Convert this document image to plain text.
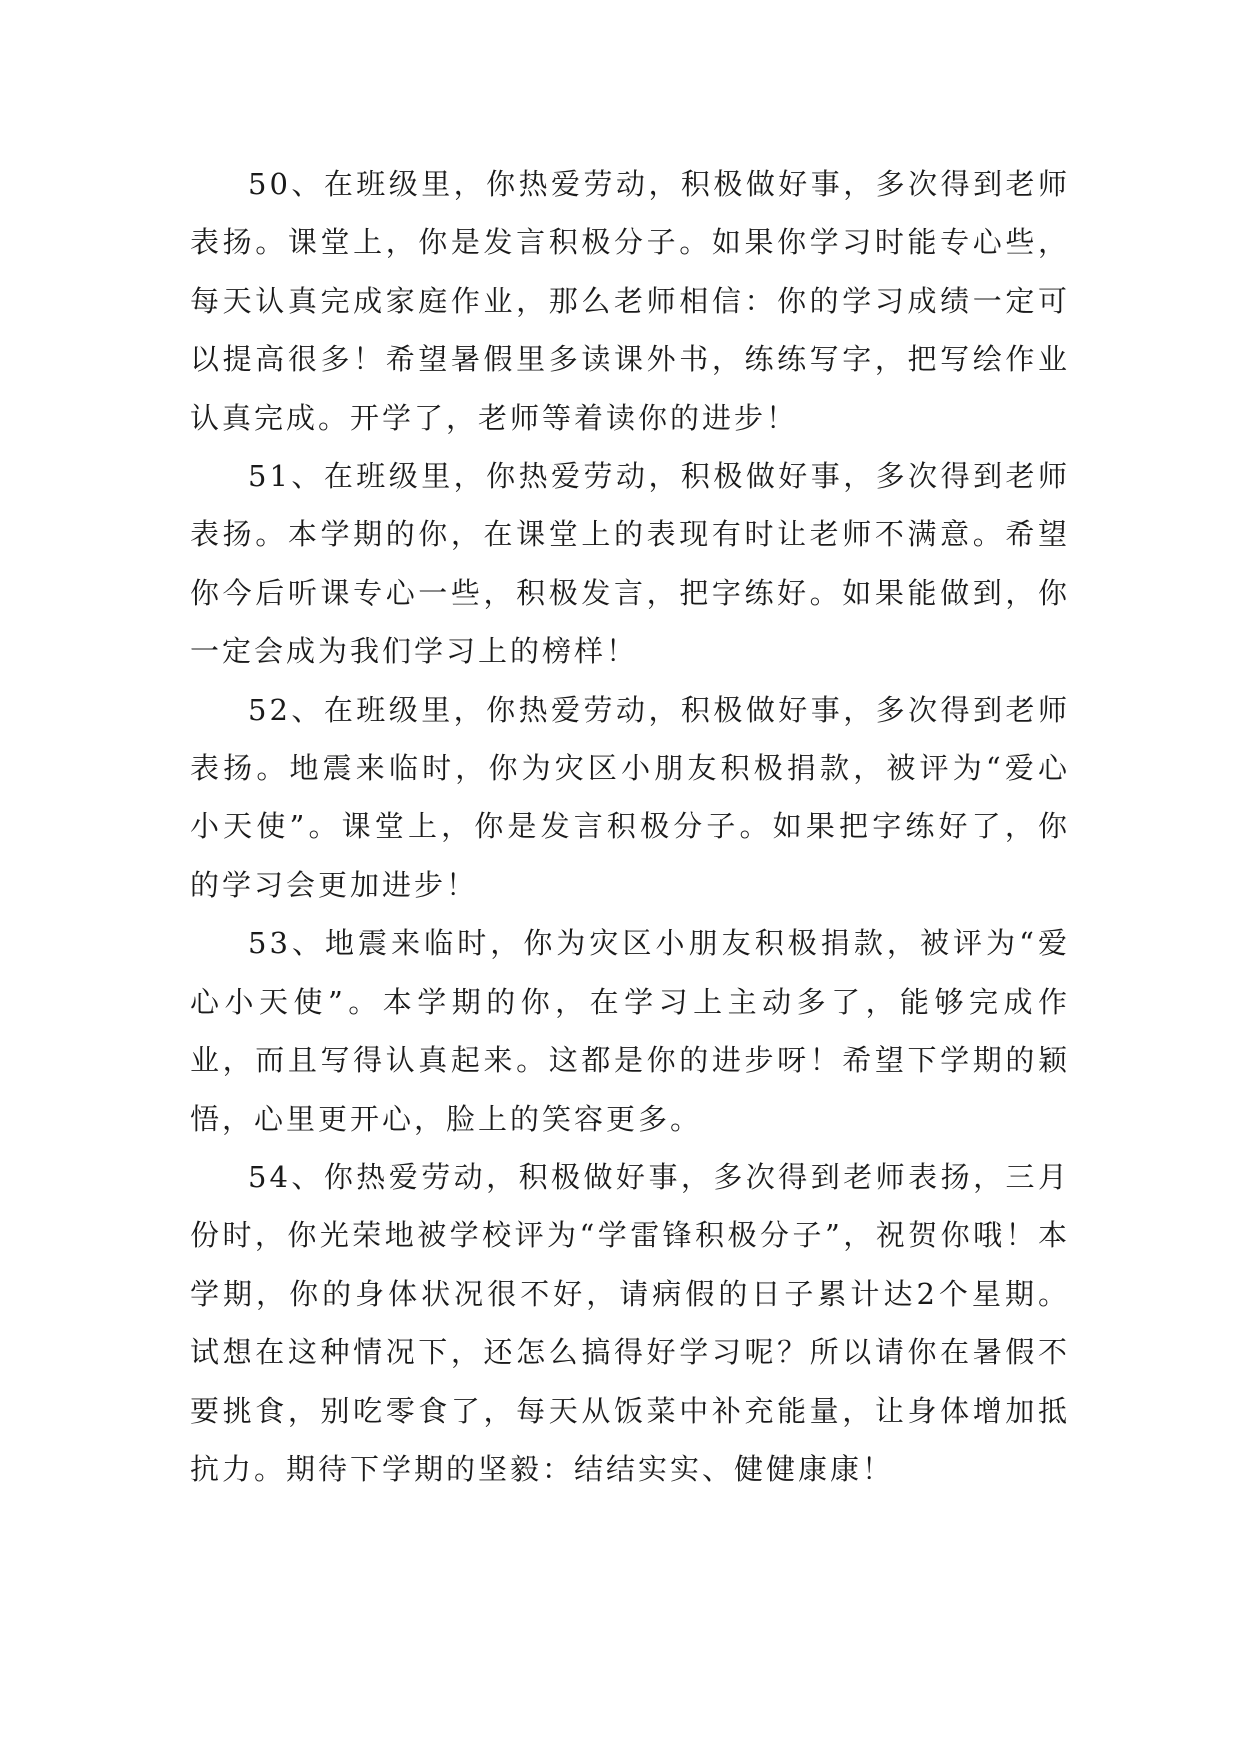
50、在班级里，你热爱劳动，积极做好事，多次得到老师表扬。课堂上，你是发言积极分子。如果你学习时能专心些，每天认真完成家庭作业，那么老师相信：你的学习成绩一定可以提高很多！希望暑假里多读课外书，练练写字，把写绘作业认真完成。开学了，老师等着读你的进步！

51、在班级里，你热爱劳动，积极做好事，多次得到老师表扬。本学期的你，在课堂上的表现有时让老师不满意。希望你今后听课专心一些，积极发言，把字练好。如果能做到，你一定会成为我们学习上的榜样！

52、在班级里，你热爱劳动，积极做好事，多次得到老师表扬。地震来临时，你为灾区小朋友积极捐款，被评为“爱心小天使”。课堂上，你是发言积极分子。如果把字练好了，你的学习会更加进步！

53、地震来临时，你为灾区小朋友积极捐款，被评为“爱心小天使”。本学期的你，在学习上主动多了，能够完成作业，而且写得认真起来。这都是你的进步呀！希望下学期的颖悟，心里更开心，脸上的笑容更多。

54、你热爱劳动，积极做好事，多次得到老师表扬，三月份时，你光荣地被学校评为“学雷锋积极分子”，祝贺你哦！本学期，你的身体状况很不好，请病假的日子累计达2个星期。试想在这种情况下，还怎么搞得好学习呢？所以请你在暑假不要挑食，别吃零食了，每天从饭菜中补充能量，让身体增加抵抗力。期待下学期的坚毅：结结实实、健健康康！
